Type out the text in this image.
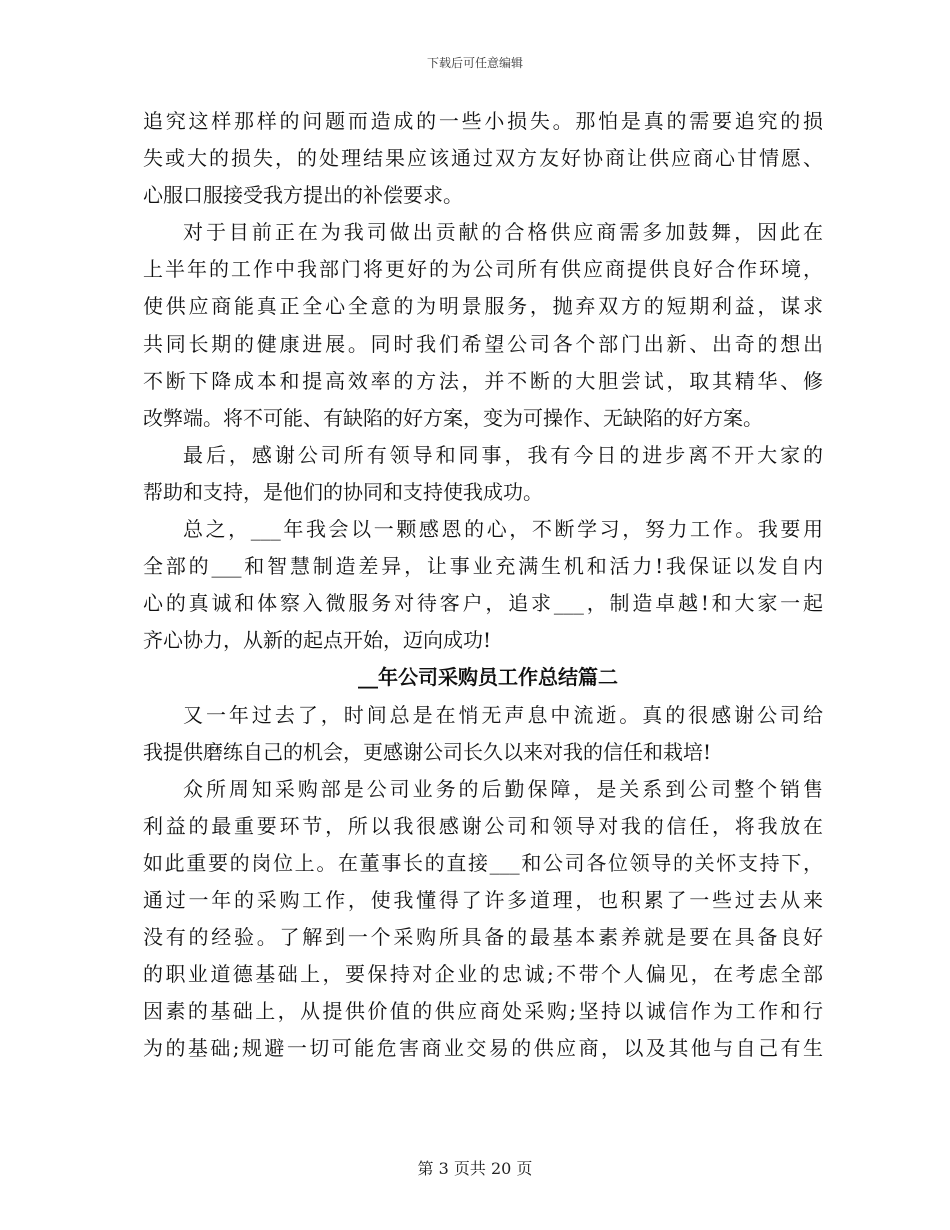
下载后可任意编辑
追究这样那样的问题而造成的一些小损失。那怕是真的需要追究的损
失或大的损失，的处理结果应该通过双方友好协商让供应商心甘情愿、
心服口服接受我方提出的补偿要求。
对于目前正在为我司做出贡献的合格供应商需多加鼓舞，因此在
上半年的工作中我部门将更好的为公司所有供应商提供良好合作环境，
使供应商能真正全心全意的为明景服务，抛弃双方的短期利益，谋求
共同长期的健康进展。同时我们希望公司各个部门出新、出奇的想出
不断下降成本和提高效率的方法，并不断的大胆尝试，取其精华、修
改弊端。将不可能、有缺陷的好方案，变为可操作、无缺陷的好方案。
最后，感谢公司所有领导和同事，我有今日的进步离不开大家的
帮助和支持，是他们的协同和支持使我成功。
总之，___年我会以一颗感恩的心，不断学习，努力工作。我要用
全部的___和智慧制造差异，让事业充满生机和活力!我保证以发自内
心的真诚和体察入微服务对待客户，追求___，制造卓越!和大家一起
齐心协力，从新的起点开始，迈向成功!
__年公司采购员工作总结篇二
又一年过去了，时间总是在悄无声息中流逝。真的很感谢公司给
我提供磨练自己的机会，更感谢公司长久以来对我的信任和栽培!
众所周知采购部是公司业务的后勤保障，是关系到公司整个销售
利益的最重要环节，所以我很感谢公司和领导对我的信任，将我放在
如此重要的岗位上。在董事长的直接___和公司各位领导的关怀支持下，
通过一年的采购工作，使我懂得了许多道理，也积累了一些过去从来
没有的经验。了解到一个采购所具备的最基本素养就是要在具备良好
的职业道德基础上，要保持对企业的忠诚;不带个人偏见，在考虑全部
因素的基础上，从提供价值的供应商处采购;坚持以诚信作为工作和行
为的基础;规避一切可能危害商业交易的供应商，以及其他与自己有生
第 3 页共 20 页
